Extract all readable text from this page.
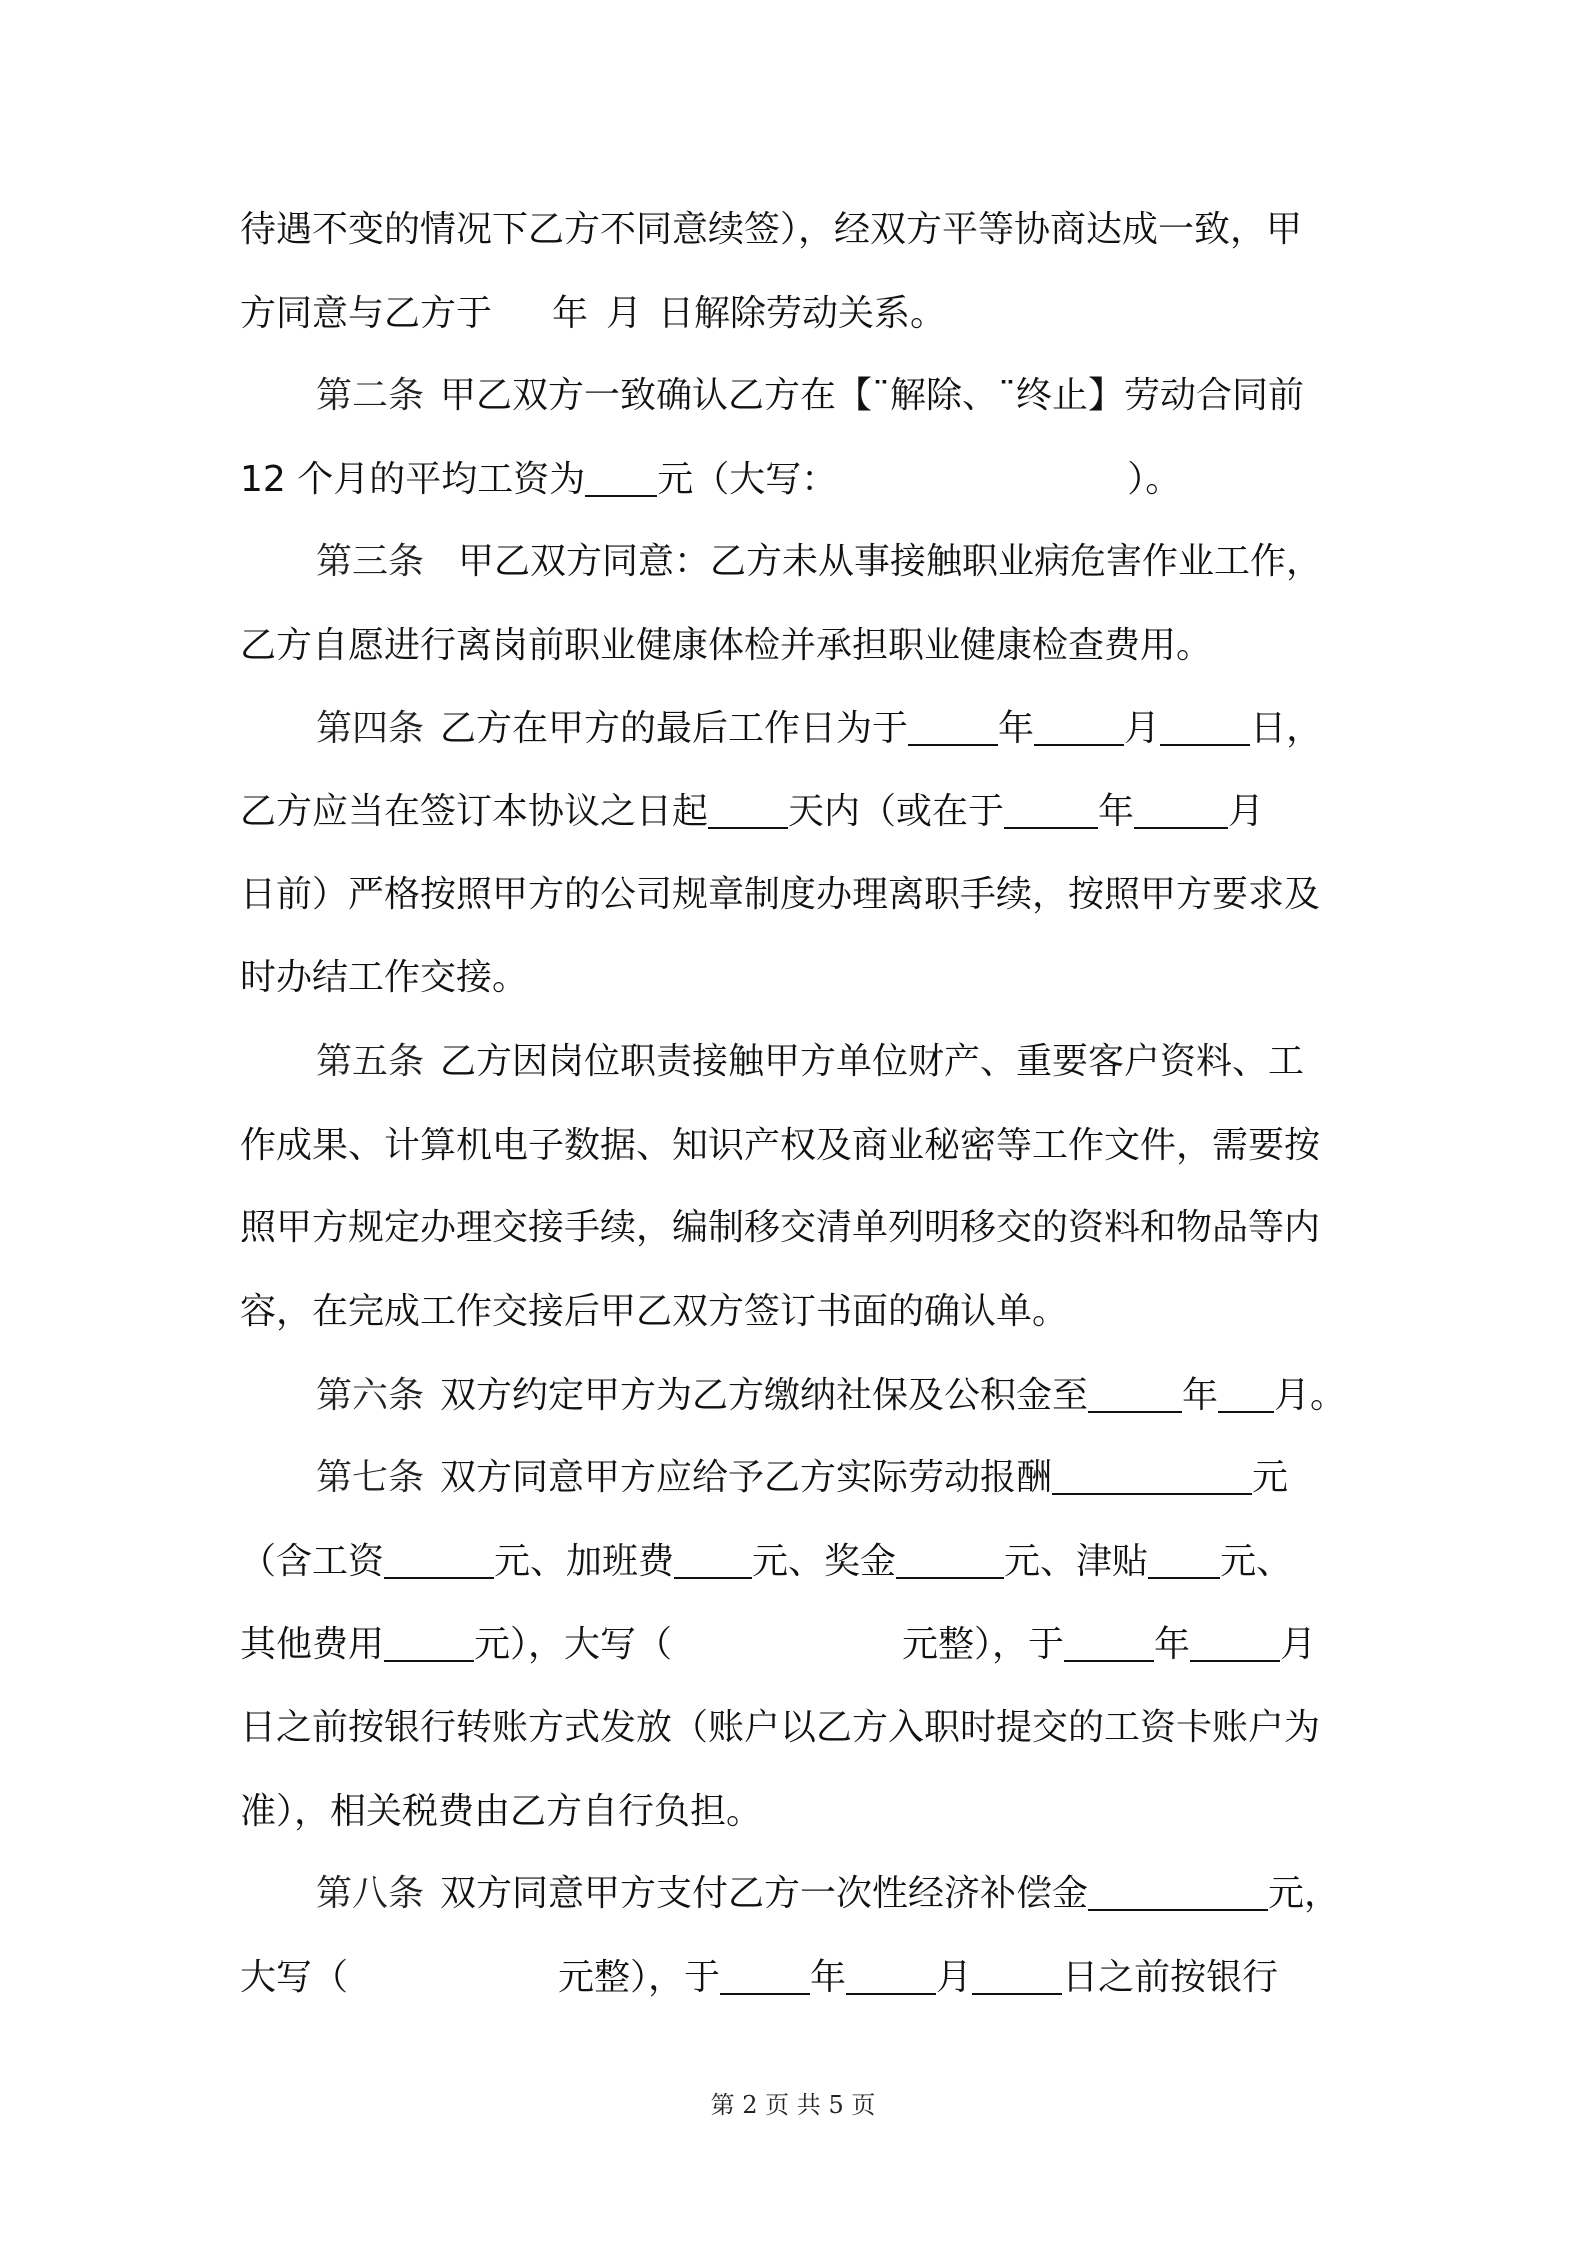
待遇不变的情况下乙方不同意续签），经双方平等协商达成一致，甲
方同意与乙方于 年 月 日解除劳动关系。
第二条 甲乙双方一致确认乙方在【¨解除、¨终止】劳动合同前
12 个月的平均工资为 元（大写：	）。
第三条 甲乙双方同意：乙方未从事接触职业病危害作业工作，
乙方自愿进行离岗前职业健康体检并承担职业健康检查费用。
第四条 乙方在甲方的最后工作日为于	年	月	日，
乙方应当在签订本协议之日起 天内（或在于	年	月
日前）严格按照甲方的公司规章制度办理离职手续，按照甲方要求及
时办结工作交接。
第五条 乙方因岗位职责接触甲方单位财产、重要客户资料、工
作成果、计算机电子数据、知识产权及商业秘密等工作文件，需要按
照甲方规定办理交接手续，编制移交清单列明移交的资料和物品等内
容，在完成工作交接后甲乙双方签订书面的确认单。
第六条 双方约定甲方为乙方缴纳社保及公积金至	年 月。
第七条 双方同意甲方应给予乙方实际劳动报酬	元
（含工资	元、加班费 元、奖金	元、津贴 元、
其他费用	元），大写（	元整），于	年	月
日之前按银行转账方式发放（账户以乙方入职时提交的工资卡账户为
准），相关税费由乙方自行负担。
第八条 双方同意甲方支付乙方一次性经济补偿金	元，
大写（	元整），于	年	月	日之前按银行
第 2 页 共 5 页
